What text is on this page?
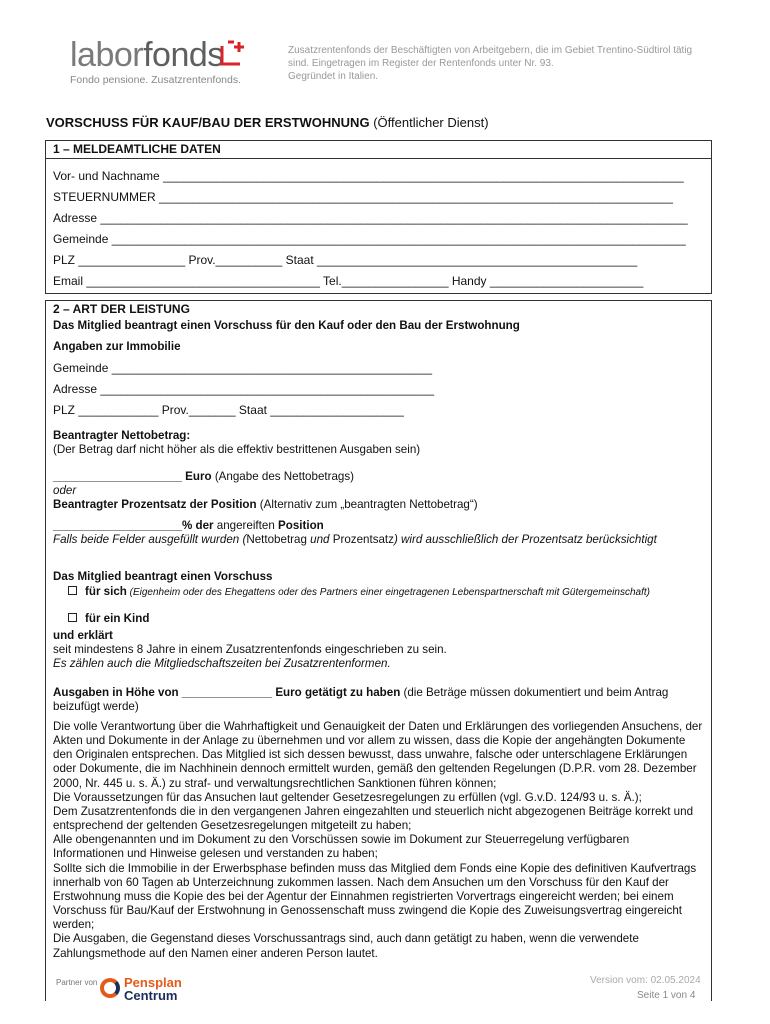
laborfonds
Fondo pensione. Zusatzrentenfonds.
Zusatzrentenfonds der Beschäftigten von Arbeitgebern, die im Gebiet Trentino-Südtirol tätig
sind. Eingetragen im Register der Rentenfonds unter Nr. 93.
Gegründet in Italien.
VORSCHUSS FÜR KAUF/BAU DER ERSTWOHNUNG (Öffentlicher Dienst)
1 – MELDEAMTLICHE DATEN
Vor- und Nachname ______________________________________________________________________________
STEUERNUMMER _____________________________________________________________________________
Adresse ________________________________________________________________________________________
Gemeinde ______________________________________________________________________________________
PLZ ________________ Prov.__________ Staat ________________________________________________
Email ___________________________________ Tel.________________ Handy _______________________
2 – ART DER LEISTUNG
Das Mitglied beantragt einen Vorschuss für den Kauf oder den Bau der Erstwohnung
Angaben zur Immobilie
Gemeinde ________________________________________________
Adresse __________________________________________________
PLZ ____________ Prov._______ Staat ____________________
Beantragter Nettobetrag:
(Der Betrag darf nicht höher als die effektiv bestrittenen Ausgaben sein)
____________________ Euro (Angabe des Nettobetrags)
oder
Beantragter Prozentsatz der Position (Alternativ zum „beantragten Nettobetrag“)
____________________% der angereiften Position
Falls beide Felder ausgefüllt wurden (Nettobetrag und Prozentsatz) wird ausschließlich der Prozentsatz berücksichtigt
Das Mitglied beantragt einen Vorschuss
für sich (Eigenheim oder des Ehegattens oder des Partners einer eingetragenen Lebenspartnerschaft mit Gütergemeinschaft)
für ein Kind
und erklärt
seit mindestens 8 Jahre in einem Zusatzrentenfonds eingeschrieben zu sein.
Es zählen auch die Mitgliedschaftszeiten bei Zusatzrentenformen.
Ausgaben in Höhe von ______________ Euro getätigt zu haben (die Beträge müssen dokumentiert und beim Antrag beizufügt werde)
Die volle Verantwortung über die Wahrhaftigkeit und Genauigkeit der Daten und Erklärungen des vorliegenden Ansuchens, der Akten und Dokumente in der Anlage zu übernehmen und vor allem zu wissen, dass die Kopie der angehängten Dokumente den Originalen entsprechen. Das Mitglied ist sich dessen bewusst, dass unwahre, falsche oder unterschlagene Erklärungen oder Dokumente, die im Nachhinein dennoch ermittelt wurden, gemäß den geltenden Regelungen (D.P.R. vom 28. Dezember 2000, Nr. 445 u. s. Ä.) zu straf- und verwaltungsrechtlichen Sanktionen führen können;
Die Voraussetzungen für das Ansuchen laut geltender Gesetzesregelungen zu erfüllen (vgl. G.v.D. 124/93 u. s. Ä.);
Dem Zusatzrentenfonds die in den vergangenen Jahren eingezahlten und steuerlich nicht abgezogenen Beiträge korrekt und entsprechend der geltenden Gesetzesregelungen mitgeteilt zu haben;
Alle obengenannten und im Dokument zu den Vorschüssen sowie im Dokument zur Steuerregelung verfügbaren Informationen und Hinweise gelesen und verstanden zu haben;
Sollte sich die Immobilie in der Erwerbsphase befinden muss das Mitglied dem Fonds eine Kopie des definitiven Kaufvertrags innerhalb von 60 Tagen ab Unterzeichnung zukommen lassen. Nach dem Ansuchen um den Vorschuss für den Kauf der Erstwohnung muss die Kopie des bei der Agentur der Einnahmen registrierten Vorvertrags eingereicht werden; bei einem Vorschuss für Bau/Kauf der Erstwohnung in Genossenschaft muss zwingend die Kopie des Zuweisungsvertrag eingereicht werden;
Die Ausgaben, die Gegenstand dieses Vorschussantrags sind, auch dann getätigt zu haben, wenn die verwendete Zahlungsmethode auf den Namen einer anderen Person lautet.
Partner von Pensplan
Centrum
Version vom: 02.05.2024
Seite 1 von 4
